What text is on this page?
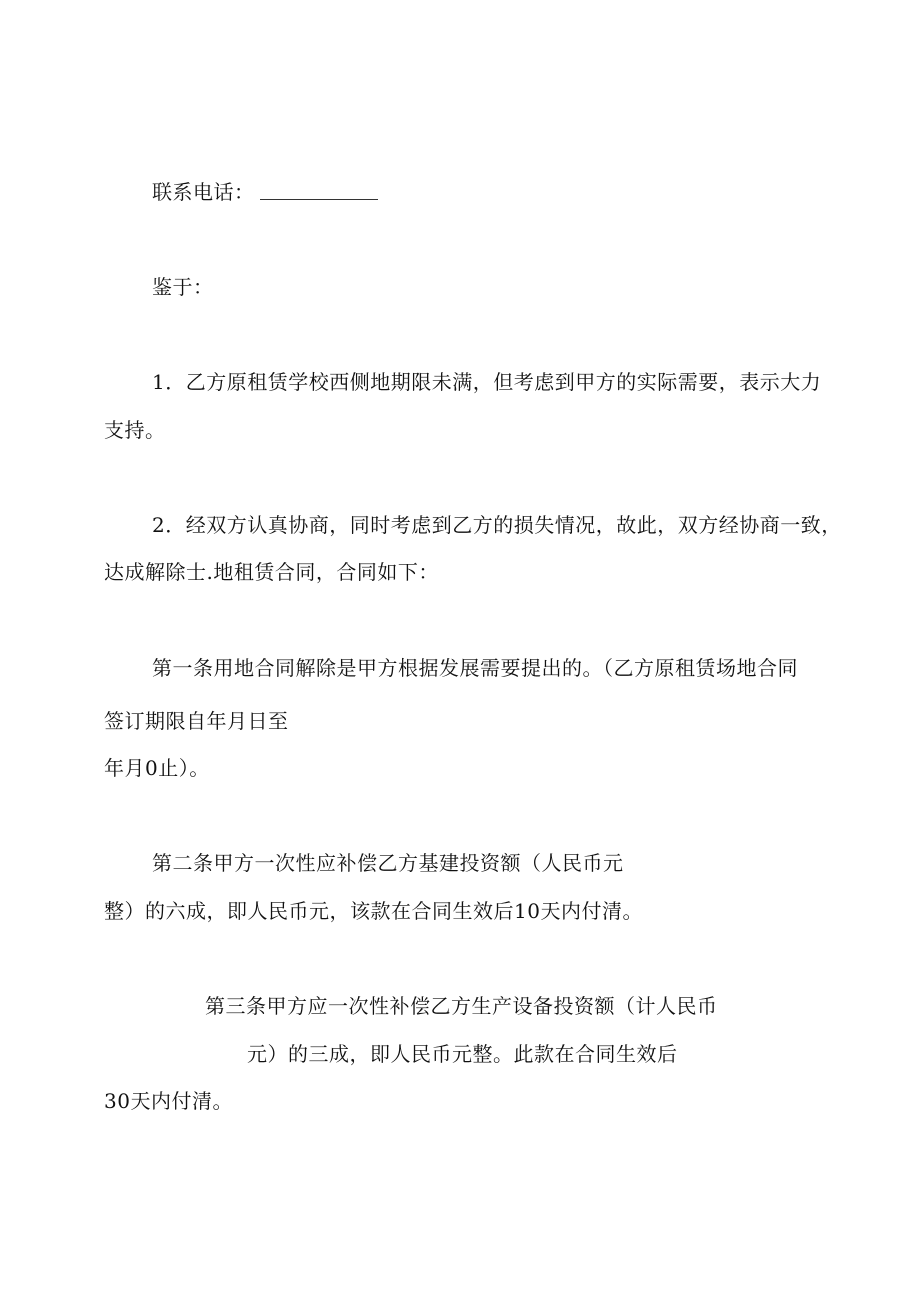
联系电话：
鉴于：
1．乙方原租赁学校西侧地期限未满，但考虑到甲方的实际需要，表示大力
支持。
2．经双方认真协商，同时考虑到乙方的损失情况，故此，双方经协商一致，
达成解除士.地租赁合同，合同如下：
第一条用地合同解除是甲方根据发展需要提出的。（乙方原租赁场地合同
签订期限自年月日至
年月0止）。
第二条甲方一次性应补偿乙方基建投资额（人民币元
整）的六成，即人民币元，该款在合同生效后10天内付清。
第三条甲方应一次性补偿乙方生产设备投资额（计人民币
元）的三成，即人民币元整。此款在合同生效后
30天内付清。
